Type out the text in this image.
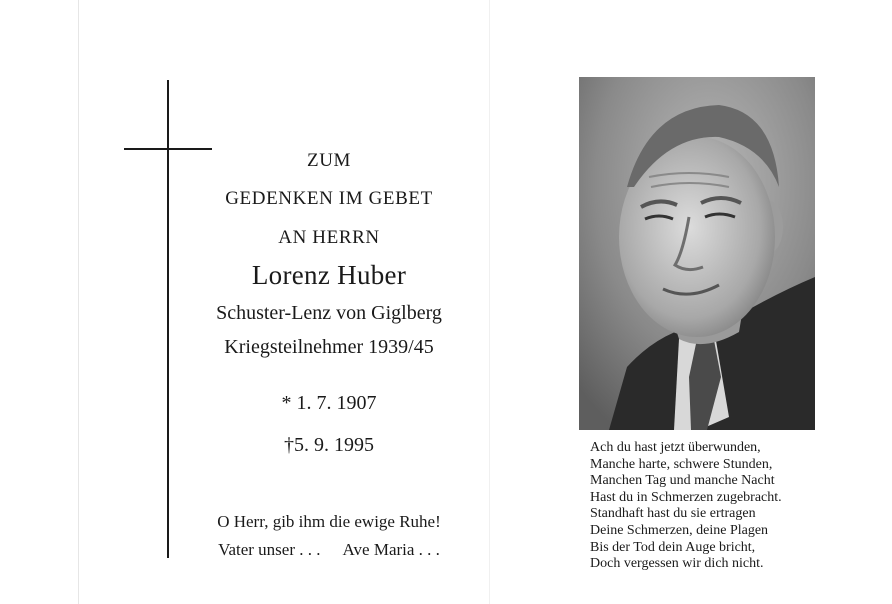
ZUM
GEDENKEN IM GEBET
AN HERRN
Lorenz Huber
Schuster-Lenz von Giglberg
Kriegsteilnehmer 1939/45
* 1. 7. 1907
†5. 9. 1995
O Herr, gib ihm die ewige Ruhe!
Vater unser . . . Ave Maria . . .
Ach du hast jetzt überwunden,
Manche harte, schwere Stunden,
Manchen Tag und manche Nacht
Hast du in Schmerzen zugebracht.
Standhaft hast du sie ertragen
Deine Schmerzen, deine Plagen
Bis der Tod dein Auge bricht,
Doch vergessen wir dich nicht.
